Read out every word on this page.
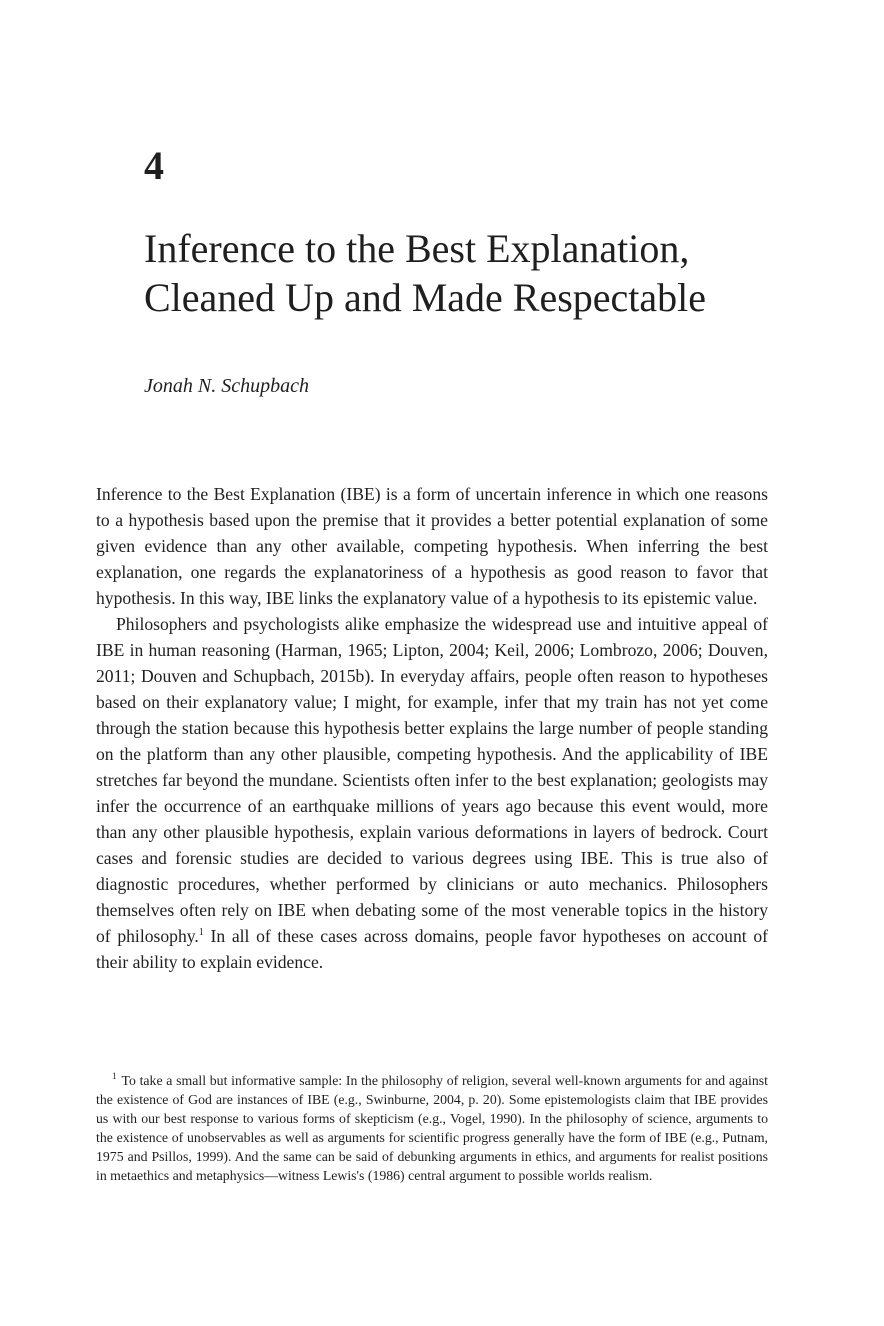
4
Inference to the Best Explanation,
Cleaned Up and Made Respectable

Jonah N. Schupbach

Inference to the Best Explanation (IBE) is a form of uncertain inference in which one reasons to a hypothesis based upon the premise that it provides a better potential explanation of some given evidence than any other available, competing hypothesis. When inferring the best explanation, one regards the explanatoriness of a hypothesis as good reason to favor that hypothesis. In this way, IBE links the explanatory value of a hypothesis to its epistemic value.

Philosophers and psychologists alike emphasize the widespread use and intuitive appeal of IBE in human reasoning (Harman, 1965; Lipton, 2004; Keil, 2006; Lombrozo, 2006; Douven, 2011; Douven and Schupbach, 2015b). In everyday affairs, people often reason to hypotheses based on their explanatory value; I might, for example, infer that my train has not yet come through the station because this hypothesis better explains the large number of people standing on the platform than any other plausible, competing hypothesis. And the applicability of IBE stretches far beyond the mundane. Scientists often infer to the best explanation; geologists may infer the occurrence of an earthquake millions of years ago because this event would, more than any other plausible hypothesis, explain various deformations in layers of bedrock. Court cases and forensic studies are decided to various degrees using IBE. This is true also of diagnostic procedures, whether performed by clinicians or auto mechanics. Philosophers themselves often rely on IBE when debating some of the most venerable topics in the history of philosophy.$^1$ In all of these cases across domains, people favor hypotheses on account of their ability to explain evidence.

$^1$ To take a small but informative sample: In the philosophy of religion, several well-known arguments for and against the existence of God are instances of IBE (e.g., Swinburne, 2004, p. 20). Some epistemologists claim that IBE provides us with our best response to various forms of skepticism (e.g., Vogel, 1990). In the philosophy of science, arguments to the existence of unobservables as well as arguments for scientific progress generally have the form of IBE (e.g., Putnam, 1975 and Psillos, 1999). And the same can be said of debunking arguments in ethics, and arguments for realist positions in metaethics and metaphysics—witness Lewis's (1986) central argument to possible worlds realism.
